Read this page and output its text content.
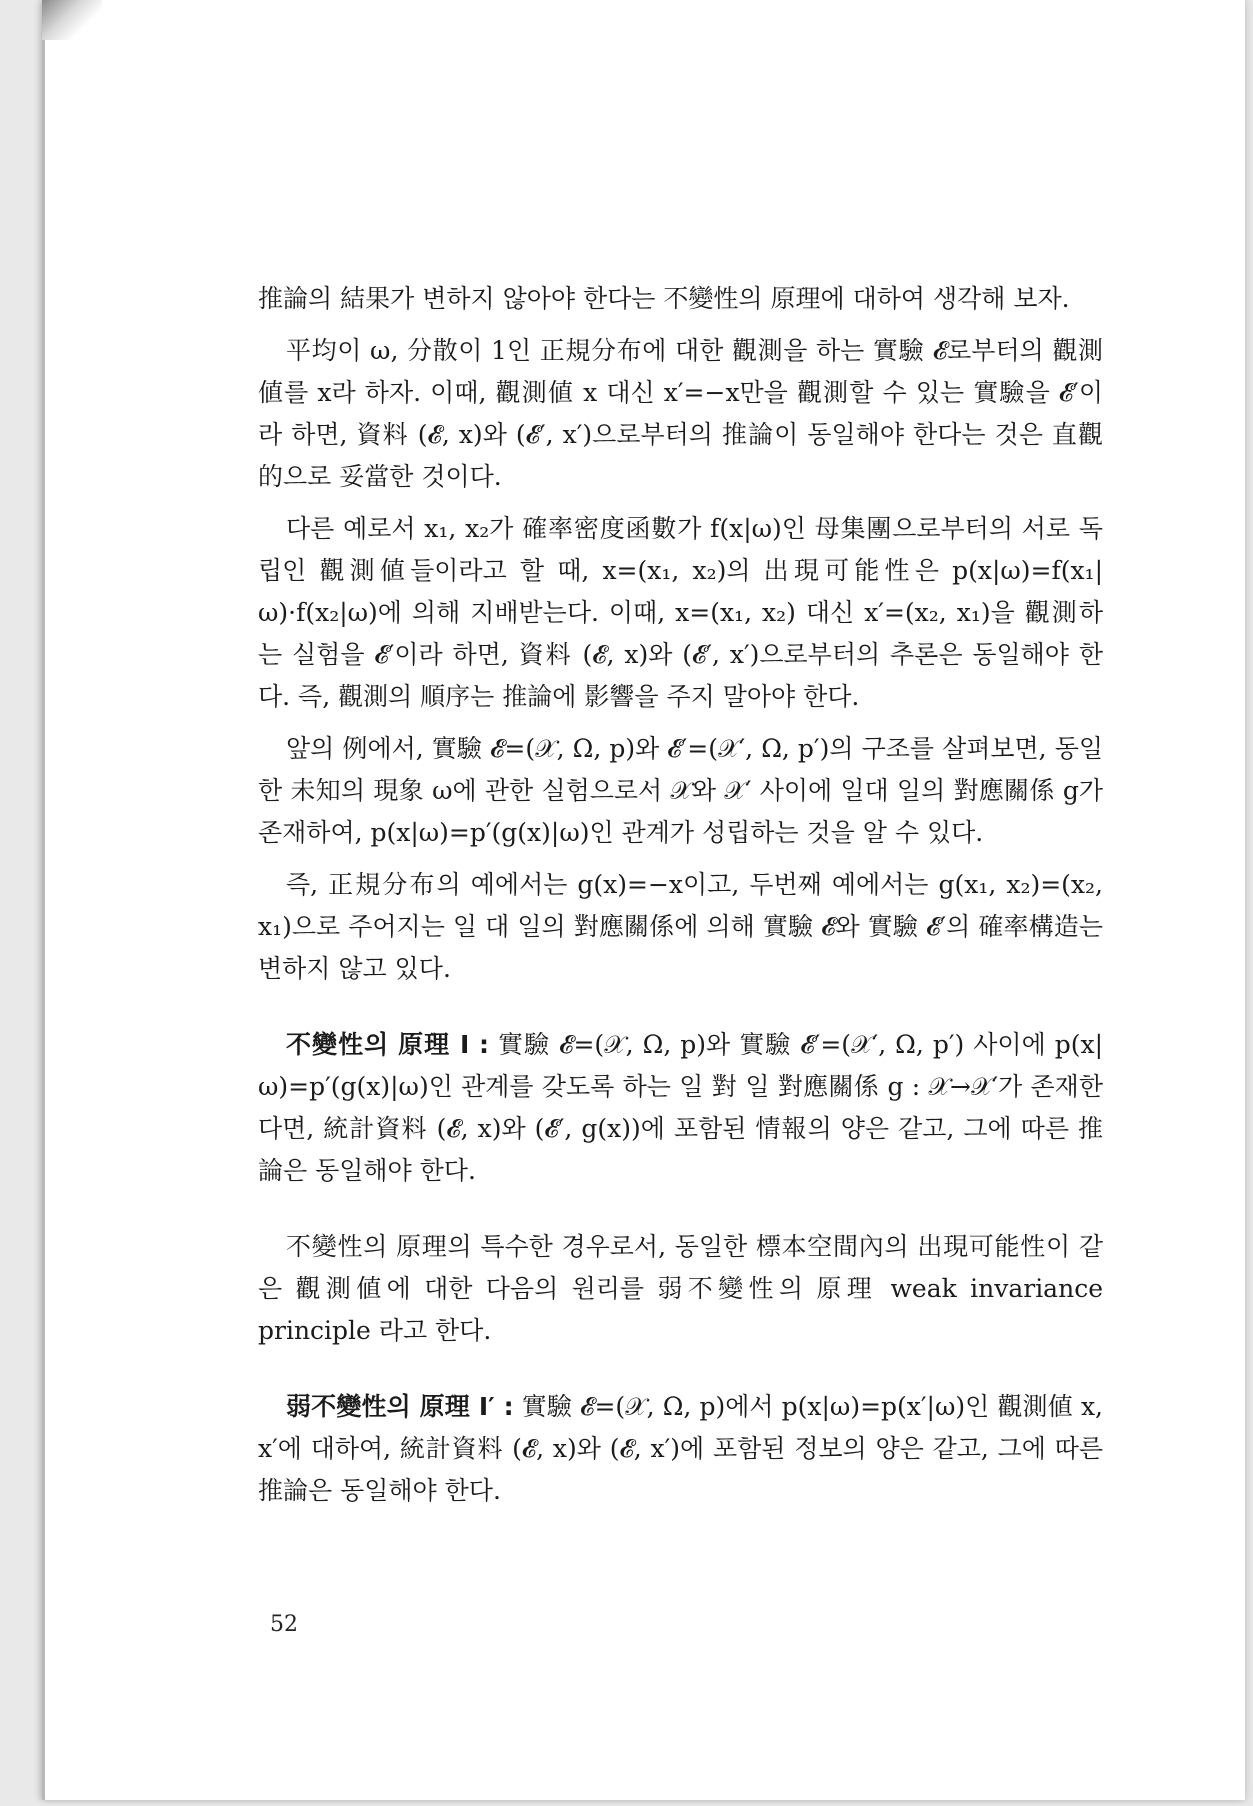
推論의 結果가 변하지 않아야 한다는 不變性의 原理에 대하여 생각해 보자.

平均이 ω, 分散이 1인 正規分布에 대한 觀測을 하는 實驗 𝓔로부터의 觀測値를 x라 하자. 이때, 觀測値 x 대신 x′=−x만을 觀測할 수 있는 實驗을 𝓔′이라 하면, 資料 (𝓔, x)와 (𝓔′, x′)으로부터의 推論이 동일해야 한다는 것은 直觀的으로 妥當한 것이다.

다른 예로서 x₁, x₂가 確率密度函數가 f(x|ω)인 母集團으로부터의 서로 독립인 觀測値들이라고 할 때, x=(x₁, x₂)의 出現可能性은 p(x|ω)=f(x₁|ω)·f(x₂|ω)에 의해 지배받는다. 이때, x=(x₁, x₂) 대신 x′=(x₂, x₁)을 觀測하는 실험을 𝓔′이라 하면, 資料 (𝓔, x)와 (𝓔′, x′)으로부터의 추론은 동일해야 한다. 즉, 觀測의 順序는 推論에 影響을 주지 말아야 한다.

앞의 例에서, 實驗 𝓔=(𝒳, Ω, p)와 𝓔′=(𝒳′, Ω, p′)의 구조를 살펴보면, 동일한 未知의 現象 ω에 관한 실험으로서 𝒳와 𝒳′ 사이에 일대 일의 對應關係 g가 존재하여, p(x|ω)=p′(g(x)|ω)인 관계가 성립하는 것을 알 수 있다.

즉, 正規分布의 예에서는 g(x)=−x이고, 두번째 예에서는 g(x₁, x₂)=(x₂, x₁)으로 주어지는 일 대 일의 對應關係에 의해 實驗 𝓔와 實驗 𝓔′의 確率構造는 변하지 않고 있다.

不變性의 原理 I : 實驗 𝓔=(𝒳, Ω, p)와 實驗 𝓔′=(𝒳′, Ω, p′) 사이에 p(x|ω)=p′(g(x)|ω)인 관계를 갖도록 하는 일 對 일 對應關係 g : 𝒳→𝒳′가 존재한다면, 統計資料 (𝓔, x)와 (𝓔′, g(x))에 포함된 情報의 양은 같고, 그에 따른 推論은 동일해야 한다.

不變性의 原理의 특수한 경우로서, 동일한 標本空間內의 出現可能性이 같은 觀測値에 대한 다음의 원리를 弱不變性의 原理 weak invariance principle 라고 한다.

弱不變性의 原理 I′ : 實驗 𝓔=(𝒳, Ω, p)에서 p(x|ω)=p(x′|ω)인 觀測値 x, x′에 대하여, 統計資料 (𝓔, x)와 (𝓔, x′)에 포함된 정보의 양은 같고, 그에 따른 推論은 동일해야 한다.

52
